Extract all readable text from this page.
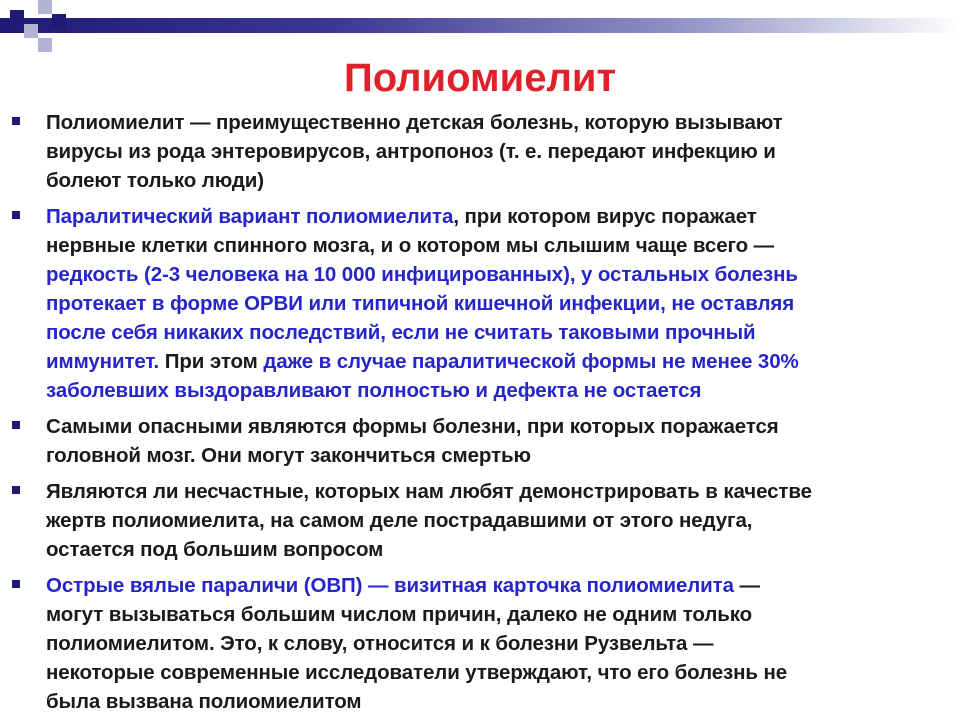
Полиомиелит
Полиомиелит — преимущественно детская болезнь, которую вызывают
вирусы из рода энтеровирусов, антропоноз (т. е. передают инфекцию и
болеют только люди)
Паралитический вариант полиомиелита, при котором вирус поражает
нервные клетки спинного мозга, и о котором мы слышим чаще всего —
редкость (2-3 человека на 10 000 инфицированных), у остальных болезнь
протекает в форме ОРВИ или типичной кишечной инфекции, не оставляя
после себя никаких последствий, если не считать таковыми прочный
иммунитет. При этом даже в случае паралитической формы не менее 30%
заболевших выздоравливают полностью и дефекта не остается
Самыми опасными являются формы болезни, при которых поражается
головной мозг. Они могут закончиться смертью
Являются ли несчастные, которых нам любят демонстрировать в качестве
жертв полиомиелита, на самом деле пострадавшими от этого недуга,
остается под большим вопросом
Острые вялые параличи (ОВП) — визитная карточка полиомиелита —
могут вызываться большим числом причин, далеко не одним только
полиомиелитом. Это, к слову, относится и к болезни Рузвельта —
некоторые современные исследователи утверждают, что его болезнь не
была вызвана полиомиелитом
